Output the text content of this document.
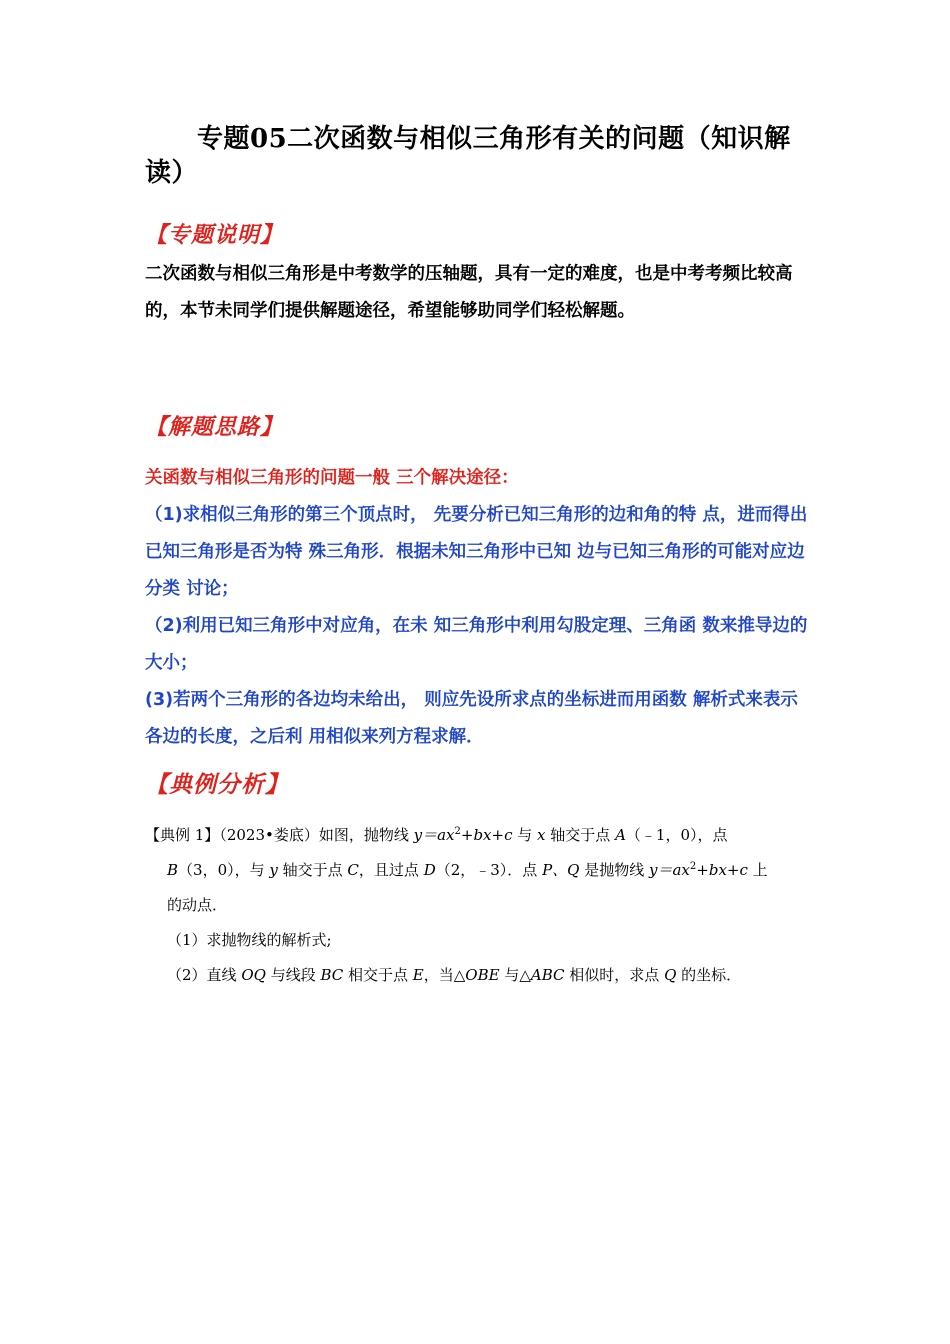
专题05二次函数与相似三角形有关的问题（知识解读）
【专题说明】
二次函数与相似三角形是中考数学的压轴题，具有一定的难度，也是中考考频比较高的，本节未同学们提供解题途径，希望能够助同学们轻松解题。
【解题思路】
关函数与相似三角形的问题一般 三个解决途径：
（1)求相似三角形的第三个顶点时， 先要分析已知三角形的边和角的特 点，进而得出已知三角形是否为特 殊三角形．根据未知三角形中已知 边与已知三角形的可能对应边分类 讨论；
（2)利用已知三角形中对应角，在未 知三角形中利用勾股定理、三角函 数来推导边的大小；
(3)若两个三角形的各边均未给出， 则应先设所求点的坐标进而用函数 解析式来表示各边的长度，之后利 用相似来列方程求解．
【典例分析】
【典例 1】（2023•娄底）如图，抛物线 $y=ax^2+bx+c$ 与 x 轴交于点 A（﹣1，0），点
B（3，0），与 y 轴交于点 C，且过点 D（2，﹣3）．点 P、Q 是抛物线 $y=ax^2+bx+c$ 上
的动点．
（1）求抛物线的解析式;
（2）直线 OQ 与线段 BC 相交于点 E，当△OBE 与△ABC 相似时，求点 Q 的坐标．
